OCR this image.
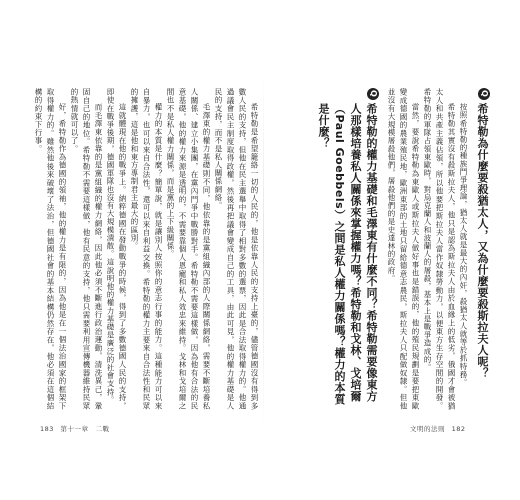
Q
希特勒為什麼要殺猶太人，又為什麼要殺斯拉夫人呢？

按照希特勒的種族鬥爭理論，猶太人就是最大的內奸，殺猶太人就等於抓特務。

希特勒其實沒有殺斯拉夫人，他只是認為斯拉夫人由於血緣上的低劣，俄國才會被猶太人和共產主義佔領，所以他要把斯拉夫人當作奴隸勞動力，以便東方生存空間的開發。希特勒的軍隊占領東歐時，對烏克蘭人和波蘭人的屠殺，基本上是戰爭造成的。

當然，要說希特勒為東歐人或斯拉夫人做好事也是錯誤的，他的殖民規劃是要把東歐變成德國的農業殖民地，歐洲東部的土地只留給德意志農民，斯拉夫人只配做奴隸。但他並沒有大規模屠殺他們，屠殺他們的是史達林的政府。

Q
希特勒的權力基礎和毛澤東有什麼不同？希特勒需要像東方人那樣培養私人關係來掌握權力嗎？希特勒和戈林、戈培爾（Paul Goebbels）之間是私人權力關係嗎？權力的本質是什麼？

希特勒是希望籠絡一切的人民的，他是依靠人民的支持上臺的，儘管德國沒有得到多數人民的支持，但他在民主選舉中取得了相對多數的選票，因此是合法取得權力的。他通過議會民主制度取得政權，然後再把議會變成自己的工具，由此可見，他的權力基礎是人民的支持，而不是私人關係網絡。

毛澤東的權力基礎則不同，他依靠的是黨組織內部的人際關係網絡，需要不斷培養私人關係、建立小集團，在黨內鬥爭中戰勝對手。希特勒不需要這樣做，因為他有合法的民意基礎，他的權力來源是透明的，不需要靠個人恩寵和私人效忠來維持。戈林和戈培爾之間也不是私人權力關係，而是黨的上下級關係。

權力的本質是什麼？簡單說，就是讓別人按照你的意志行事的能力。這種能力可以來自暴力，也可以來自合法性，還可以來自利益交換。希特勒的權力主要來自合法性和民眾的擁護，這是他和東方專制君主最大的區別。

這就體現在他的戰爭上。納粹德國在發動戰爭的時候，得到了多數德國人民的支持，即使在戰爭後期，德國軍隊也沒有大規模潰散。這說明他的權力基礎是廣泛的社會支持。

而毛澤東依靠的是黨組織的權力網絡，因此他必須不斷進行政治運動，清洗異己，鞏固自己的地位。希特勒不需要這樣做，他有民意的支持，他只需要利用宣傳機器維持民眾的熱情就可以了。

好，希特勒作為德國的領袖，他的權力是有限的，因為他是在一個法治國家的框架下取得權力的。雖然他後來破壞了法治，但德國社會的基本結構仍然存在，他必須在這個結構的約束下行事。

183 第十一章　二戰	文明的法則 182
